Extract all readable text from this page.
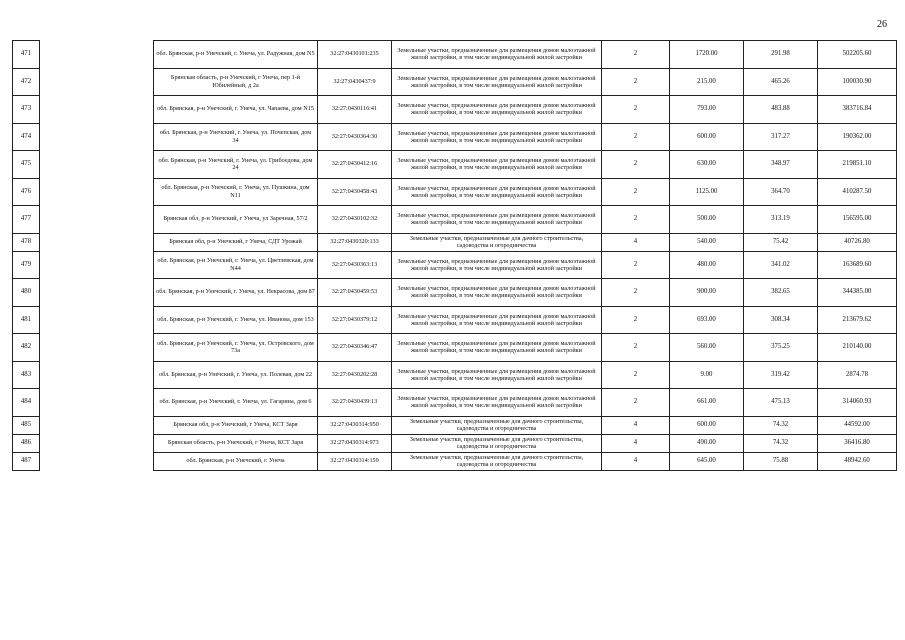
26
471		обл. Брянская, р-н Унечский, г. Унеча, ул. Радужная, дом N5	32:27:0430101:235	Земельные участки, предназначенные для размещения домов малоэтажной жилой застройки, в том числе индивидуальной жилой застройки	2	1720.00	291.98	502205.60
472		Брянская область, р-н Унечский, г Унеча, пер 1-й Юбилейный, д 2а	32:27:0430437:9	Земельные участки, предназначенные для размещения домов малоэтажной жилой застройки, в том числе индивидуальной жилой застройки	2	215.00	465.26	100030.90
473		обл. Брянская, р-н Унечский, г. Унеча, ул. Чапаева, дом N15	32:27:0430116:41	Земельные участки, предназначенные для размещения домов малоэтажной жилой застройки, в том числе индивидуальной жилой застройки	2	793.00	483.88	383716.84
474		обл. Брянская, р-н Унечский, г. Унеча, ул. Почепская, дом 34	32:27:0430364:30	Земельные участки, предназначенные для размещения домов малоэтажной жилой застройки, в том числе индивидуальной жилой застройки	2	600.00	317.27	190362.00
475		обл. Брянская, р-н Унечский, г. Унеча, ул. Грибоедова, дом 24	32:27:0430412:16	Земельные участки, предназначенные для размещения домов малоэтажной жилой застройки, в том числе индивидуальной жилой застройки	2	630.00	348.97	219851.10
476		обл. Брянская, р-н Унечский, г. Унеча, ул. Пушкина, дом N11	32:27:0430458:43	Земельные участки, предназначенные для размещения домов малоэтажной жилой застройки, в том числе индивидуальной жилой застройки	2	1125.00	364.70	410287.50
477		Брянская обл, р-н Унечский, г Унеча, ул Заречная, 57/2	32:27:0430102:32	Земельные участки, предназначенные для размещения домов малоэтажной жилой застройки, в том числе индивидуальной жилой застройки	2	500.00	313.19	156595.00
478		Брянская обл, р-н Унечский, г Унеча, СДТ Урожай	32:27:0430320:133	Земельные участки, предназначенные для дачного строительства, садоводства и огородничества	4	540.00	75.42	40726.80
479		обл. Брянская, р-н Унечский, г. Унеча, ул. Цветлевская, дом N44	32:27:0430363:13	Земельные участки, предназначенные для размещения домов малоэтажной жилой застройки, в том числе индивидуальной жилой застройки	2	480.00	341.02	163689.60
480		обл. Брянская, р-н Унечский, г. Унеча, ул. Некрасова, дом 87	32:27:0430459:53	Земельные участки, предназначенные для размещения домов малоэтажной жилой застройки, в том числе индивидуальной жилой застройки	2	900.00	382.65	344385.00
481		обл. Брянская, р-н Унечский, г. Унеча, ул. Иванова, дом 153	32:27:0430379:12	Земельные участки, предназначенные для размещения домов малоэтажной жилой застройки, в том числе индивидуальной жилой застройки	2	693.00	308.34	213679.62
482		обл. Брянская, р-н Унечский, г. Унеча, ул. Островского, дом 73а	32:27:0430346:47	Земельные участки, предназначенные для размещения домов малоэтажной жилой застройки, в том числе индивидуальной жилой застройки	2	560.00	375.25	210140.00
483		обл. Брянская, р-н Унечский, г. Унеча, ул. Полевая, дом 22	32:27:0430202:28	Земельные участки, предназначенные для размещения домов малоэтажной жилой застройки, в том числе индивидуальной жилой застройки	2	9.00	319.42	2874.78
484		обл. Брянская, р-н Унечский, г. Унеча, ул. Гагарина, дом 6	32:27:0430439:13	Земельные участки, предназначенные для размещения домов малоэтажной жилой застройки, в том числе индивидуальной жилой застройки	2	661.00	475.13	314060.93
485		Брянская обл, р-н Унечский, г Унеча, КСТ Заря	32:27:0430314:950	Земельные участки, предназначенные для дачного строительства, садоводства и огородничества	4	600.00	74.32	44592.00
486		Брянская область, р-н Унечский, г Унеча, КСТ Заря	32:27:0430314:973	Земельные участки, предназначенные для дачного строительства, садоводства и огородничества	4	490.00	74.32	36416.80
487		обл. Брянская, р-н Унечский, г. Унеча	32:27:0430314:159	Земельные участки, предназначенные для дачного строительства, садоводства и огородничества	4	645.00	75.88	48942.60
